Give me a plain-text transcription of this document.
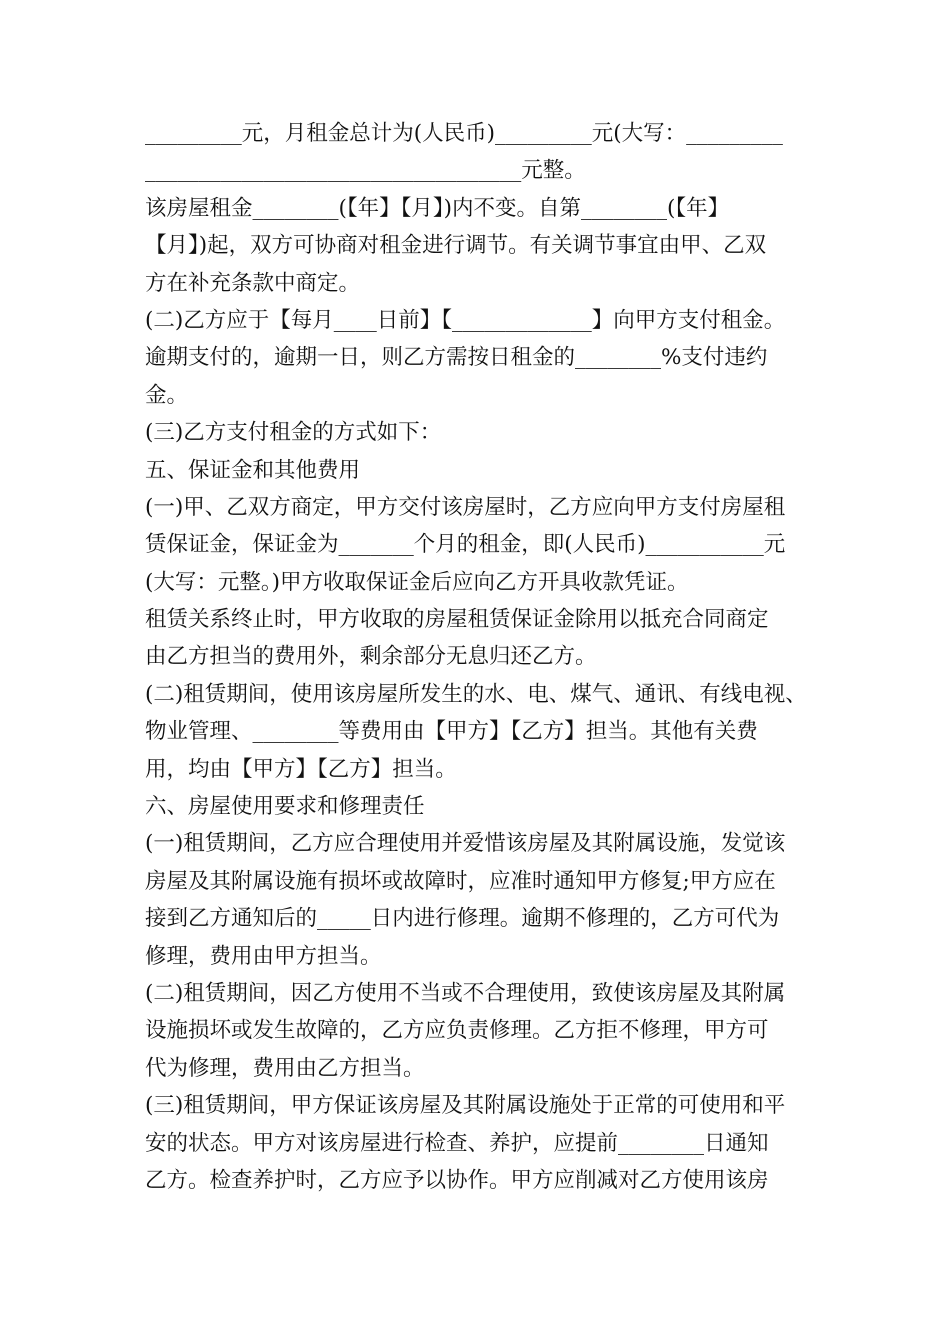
_________元，月租金总计为(人民币)_________元(大写：_________
___________________________________元整。
该房屋租金________(【年】【月】)内不变。自第________(【年】
【月】)起，双方可协商对租金进行调节。有关调节事宜由甲、乙双
方在补充条款中商定。
(二)乙方应于【每月____日前】【_____________】向甲方支付租金。
逾期支付的，逾期一日，则乙方需按日租金的________%支付违约
金。
(三)乙方支付租金的方式如下：
五、保证金和其他费用
(一)甲、乙双方商定，甲方交付该房屋时，乙方应向甲方支付房屋租
赁保证金，保证金为_______个月的租金，即(人民币)___________元
(大写：元整。)甲方收取保证金后应向乙方开具收款凭证。
租赁关系终止时，甲方收取的房屋租赁保证金除用以抵充合同商定
由乙方担当的费用外，剩余部分无息归还乙方。
(二)租赁期间，使用该房屋所发生的水、电、煤气、通讯、有线电视、
物业管理、________等费用由【甲方】【乙方】担当。其他有关费
用，均由【甲方】【乙方】担当。
六、房屋使用要求和修理责任
(一)租赁期间，乙方应合理使用并爱惜该房屋及其附属设施，发觉该
房屋及其附属设施有损坏或故障时，应准时通知甲方修复;甲方应在
接到乙方通知后的_____日内进行修理。逾期不修理的，乙方可代为
修理，费用由甲方担当。
(二)租赁期间，因乙方使用不当或不合理使用，致使该房屋及其附属
设施损坏或发生故障的，乙方应负责修理。乙方拒不修理，甲方可
代为修理，费用由乙方担当。
(三)租赁期间，甲方保证该房屋及其附属设施处于正常的可使用和平
安的状态。甲方对该房屋进行检查、养护，应提前________日通知
乙方。检查养护时，乙方应予以协作。甲方应削减对乙方使用该房
